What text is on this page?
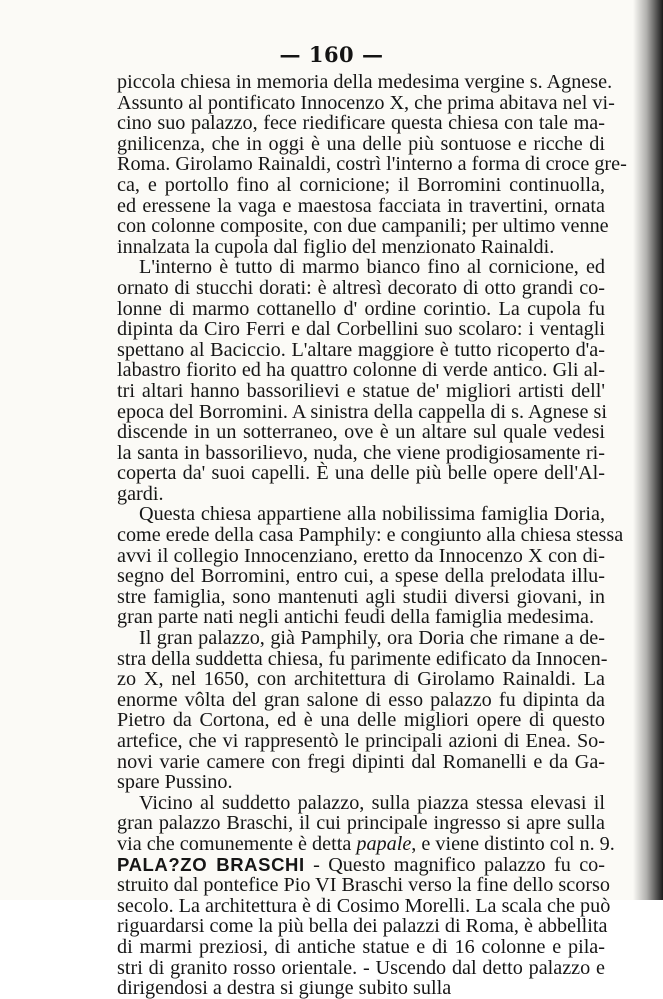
— 160 —
piccola chiesa in memoria della medesima vergine s. Agnese.
Assunto al pontificato Innocenzo X, che prima abitava nel vi-
cino suo palazzo, fece riedificare questa chiesa con tale ma-
gnilicenza, che in oggi è una delle più sontuose e ricche di
Roma. Girolamo Rainaldi, costrì l'interno a forma di croce gre-
ca, e portollo fino al cornicione; il Borromini continuolla,
ed eressene la vaga e maestosa facciata in travertini, ornata
con colonne composite, con due campanili; per ultimo venne
innalzata la cupola dal figlio del menzionato Rainaldi.
L'interno è tutto di marmo bianco fino al cornicione, ed
ornato di stucchi dorati: è altresì decorato di otto grandi co-
lonne di marmo cottanello d' ordine corintio. La cupola fu
dipinta da Ciro Ferri e dal Corbellini suo scolaro: i ventagli
spettano al Baciccio. L'altare maggiore è tutto ricoperto d'a-
labastro fiorito ed ha quattro colonne di verde antico. Gli al-
tri altari hanno bassorilievi e statue de' migliori artisti dell'
epoca del Borromini. A sinistra della cappella di s. Agnese si
discende in un sotterraneo, ove è un altare sul quale vedesi
la santa in bassorilievo, nuda, che viene prodigiosamente ri-
coperta da' suoi capelli. È una delle più belle opere dell'Al-
gardi.
Questa chiesa appartiene alla nobilissima famiglia Doria,
come erede della casa Pamphily: e congiunto alla chiesa stessa
avvi il collegio Innocenziano, eretto da Innocenzo X con di-
segno del Borromini, entro cui, a spese della prelodata illu-
stre famiglia, sono mantenuti agli studii diversi giovani, in
gran parte nati negli antichi feudi della famiglia medesima.
Il gran palazzo, già Pamphily, ora Doria che rimane a de-
stra della suddetta chiesa, fu parimente edificato da Innocen-
zo X, nel 1650, con architettura di Girolamo Rainaldi. La
enorme vôlta del gran salone di esso palazzo fu dipinta da
Pietro da Cortona, ed è una delle migliori opere di questo
artefice, che vi rappresentò le principali azioni di Enea. So-
novi varie camere con fregi dipinti dal Romanelli e da Ga-
spare Pussino.
Vicino al suddetto palazzo, sulla piazza stessa elevasi il
gran palazzo Braschi, il cui principale ingresso si apre sulla
via che comunemente è detta papale, e viene distinto col n. 9.
PALA?ZO BRASCHI - Questo magnifico palazzo fu co-
struito dal pontefice Pio VI Braschi verso la fine dello scorso
secolo. La architettura è di Cosimo Morelli. La scala che può
riguardarsi come la più bella dei palazzi di Roma, è abbellita
di marmi preziosi, di antiche statue e di 16 colonne e pila-
stri di granito rosso orientale. - Uscendo dal detto palazzo e
dirigendosi a destra si giunge subito sulla
